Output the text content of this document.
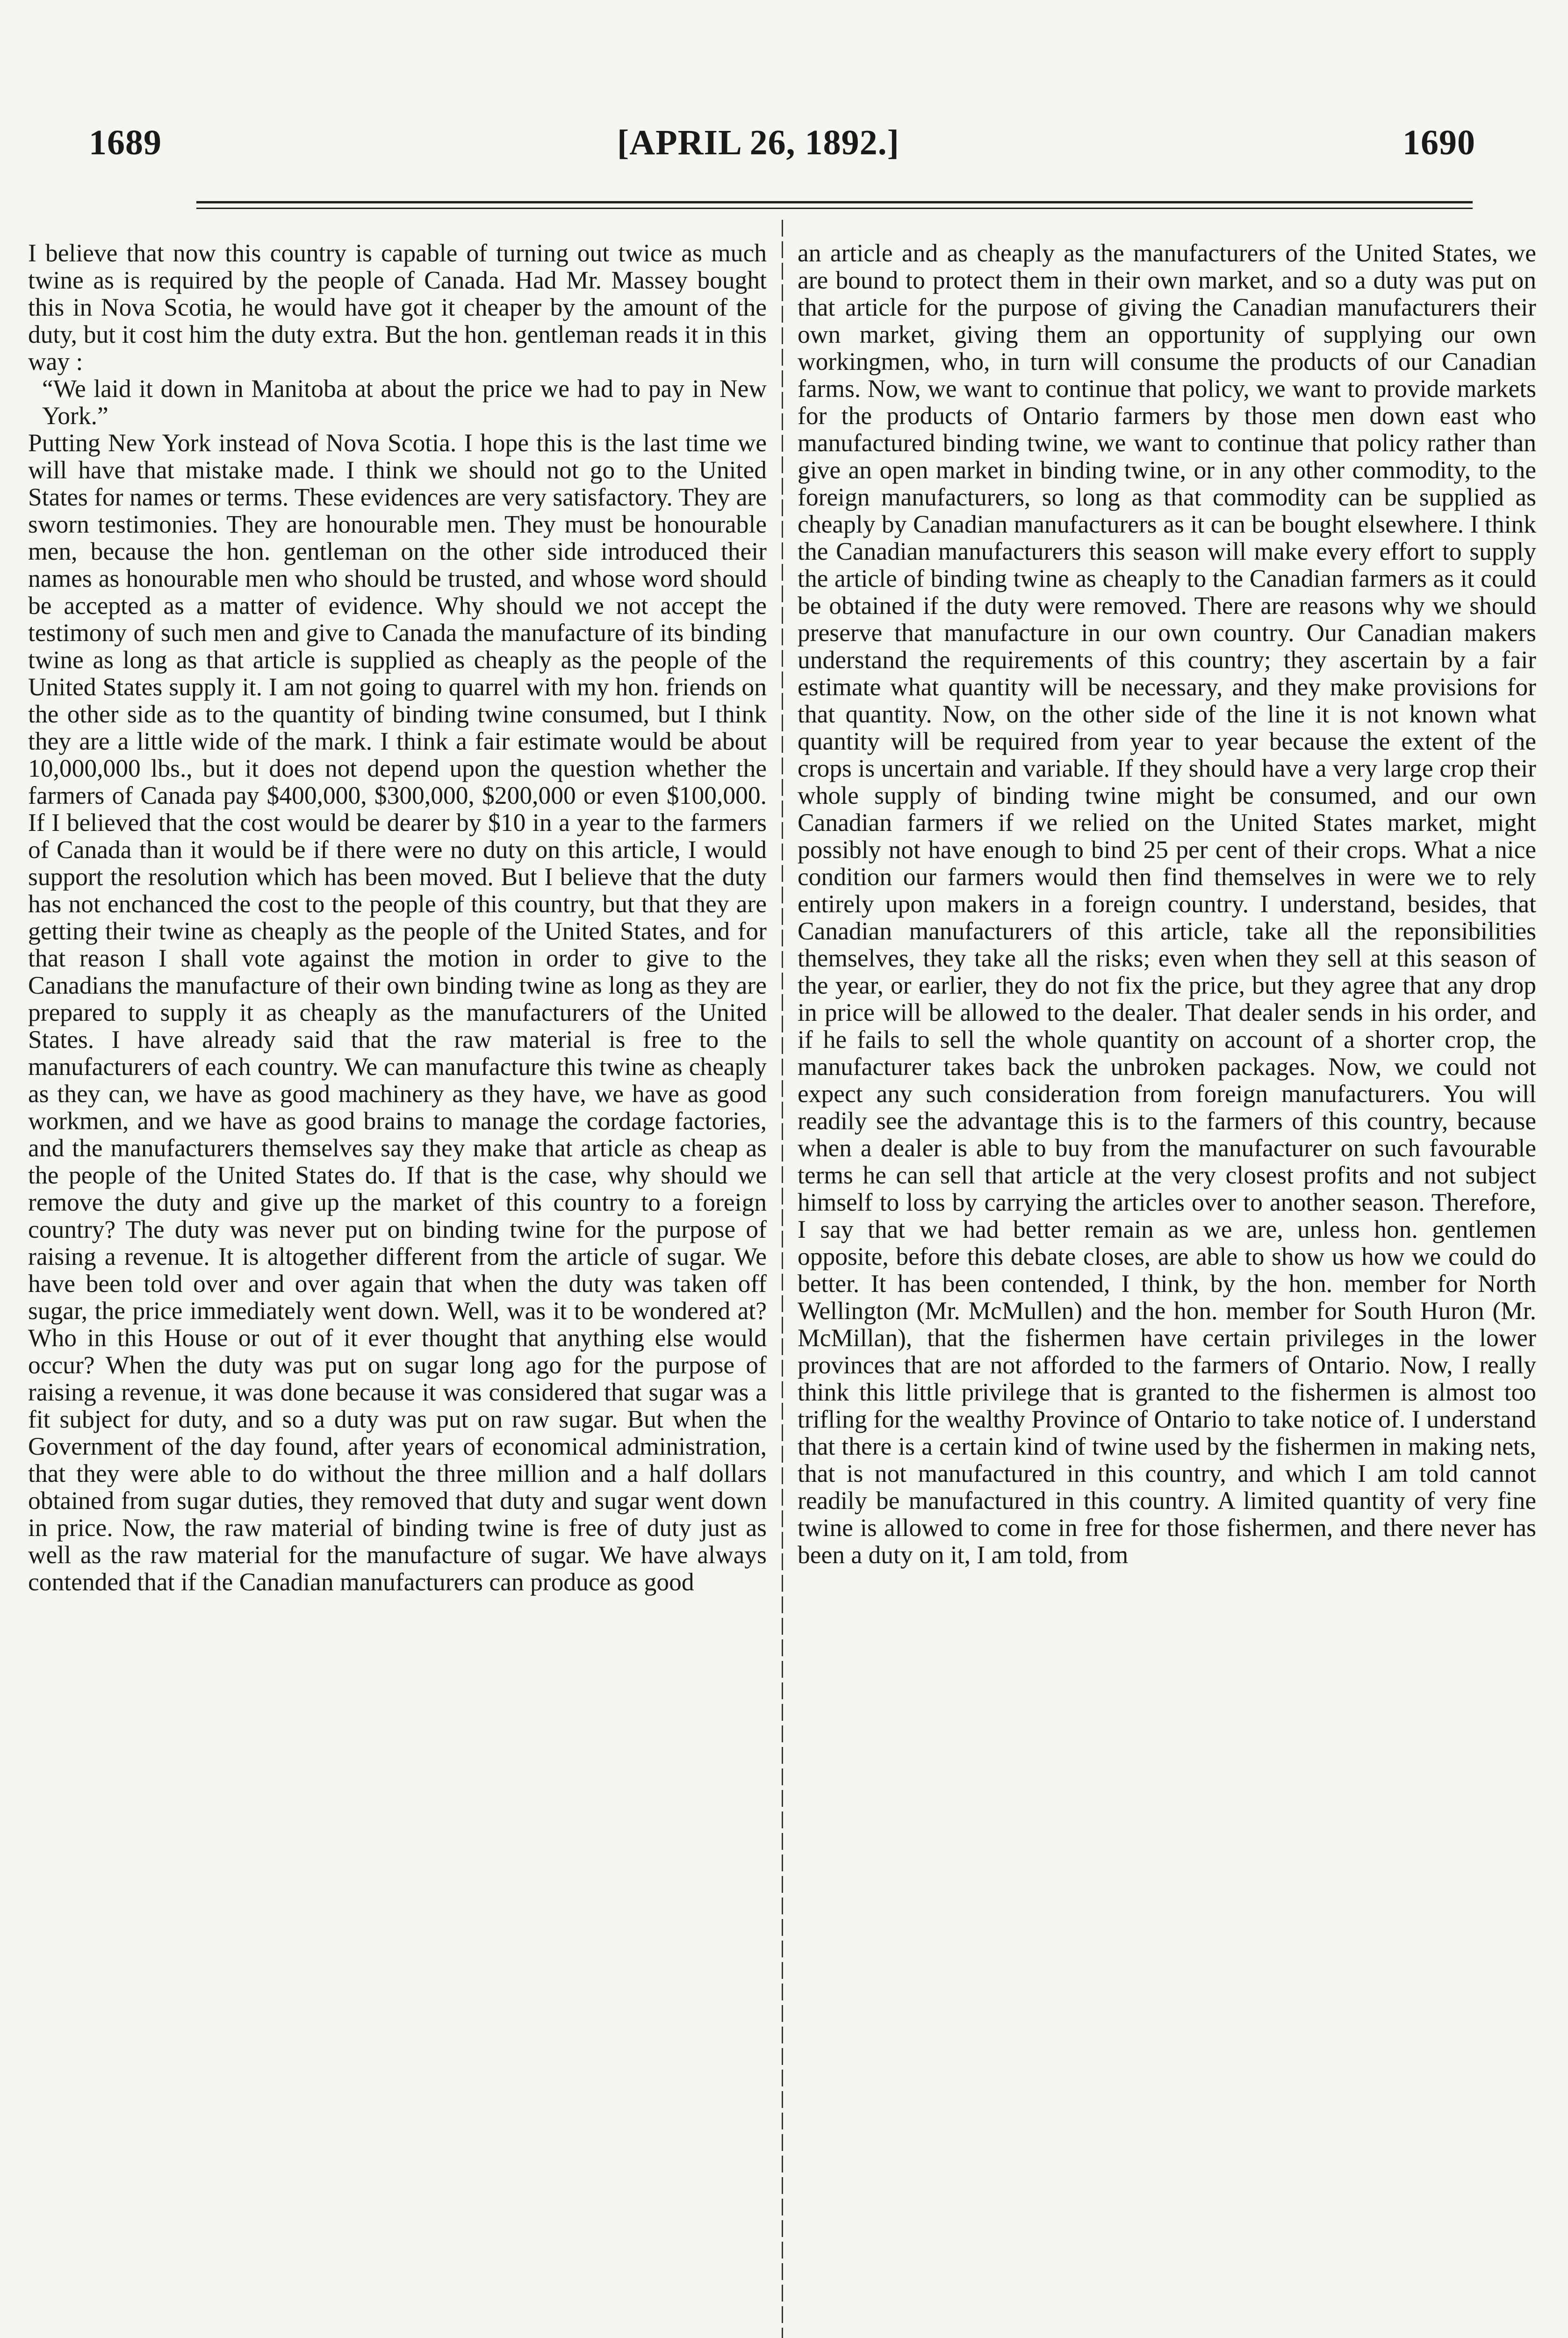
1689	[APRIL 26, 1892.]	1690

I believe that now this country is capable of turning out twice as much twine as is required by the people of Canada. Had Mr. Massey bought this in Nova Scotia, he would have got it cheaper by the amount of the duty, but it cost him the duty extra. But the hon. gentleman reads it in this way :

“We laid it down in Manitoba at about the price we had to pay in New York.”

Putting New York instead of Nova Scotia. I hope this is the last time we will have that mistake made. I think we should not go to the United States for names or terms. These evidences are very satisfactory. They are sworn testimonies. They are honourable men. They must be honourable men, because the hon. gentleman on the other side introduced their names as honourable men who should be trusted, and whose word should be accepted as a matter of evidence. Why should we not accept the testimony of such men and give to Canada the manufacture of its binding twine as long as that article is supplied as cheaply as the people of the United States supply it. I am not going to quarrel with my hon. friends on the other side as to the quantity of binding twine consumed, but I think they are a little wide of the mark. I think a fair estimate would be about 10,000,000 lbs., but it does not depend upon the question whether the farmers of Canada pay $400,000, $300,000, $200,000 or even $100,000. If I believed that the cost would be dearer by $10 in a year to the farmers of Canada than it would be if there were no duty on this article, I would support the resolution which has been moved. But I believe that the duty has not enchanced the cost to the people of this country, but that they are getting their twine as cheaply as the people of the United States, and for that reason I shall vote against the motion in order to give to the Canadians the manufacture of their own binding twine as long as they are prepared to supply it as cheaply as the manufacturers of the United States. I have already said that the raw material is free to the manufacturers of each country. We can manufacture this twine as cheaply as they can, we have as good machinery as they have, we have as good workmen, and we have as good brains to manage the cordage factories, and the manufacturers themselves say they make that article as cheap as the people of the United States do. If that is the case, why should we remove the duty and give up the market of this country to a foreign country? The duty was never put on binding twine for the purpose of raising a revenue. It is altogether different from the article of sugar. We have been told over and over again that when the duty was taken off sugar, the price immediately went down. Well, was it to be wondered at? Who in this House or out of it ever thought that anything else would occur? When the duty was put on sugar long ago for the purpose of raising a revenue, it was done because it was considered that sugar was a fit subject for duty, and so a duty was put on raw sugar. But when the Government of the day found, after years of economical administration, that they were able to do without the three million and a half dollars obtained from sugar duties, they removed that duty and sugar went down in price. Now, the raw material of binding twine is free of duty just as well as the raw material for the manufacture of sugar. We have always contended that if the Canadian manufacturers can produce as good

an article and as cheaply as the manufacturers of the United States, we are bound to protect them in their own market, and so a duty was put on that article for the purpose of giving the Canadian manufacturers their own market, giving them an opportunity of supplying our own workingmen, who, in turn will consume the products of our Canadian farms. Now, we want to continue that policy, we want to provide markets for the products of Ontario farmers by those men down east who manufactured binding twine, we want to continue that policy rather than give an open market in binding twine, or in any other commodity, to the foreign manufacturers, so long as that commodity can be supplied as cheaply by Canadian manufacturers as it can be bought elsewhere. I think the Canadian manufacturers this season will make every effort to supply the article of binding twine as cheaply to the Canadian farmers as it could be obtained if the duty were removed. There are reasons why we should preserve that manufacture in our own country. Our Canadian makers understand the requirements of this country; they ascertain by a fair estimate what quantity will be necessary, and they make provisions for that quantity. Now, on the other side of the line it is not known what quantity will be required from year to year because the extent of the crops is uncertain and variable. If they should have a very large crop their whole supply of binding twine might be consumed, and our own Canadian farmers if we relied on the United States market, might possibly not have enough to bind 25 per cent of their crops. What a nice condition our farmers would then find themselves in were we to rely entirely upon makers in a foreign country. I understand, besides, that Canadian manufacturers of this article, take all the reponsibilities themselves, they take all the risks; even when they sell at this season of the year, or earlier, they do not fix the price, but they agree that any drop in price will be allowed to the dealer. That dealer sends in his order, and if he fails to sell the whole quantity on account of a shorter crop, the manufacturer takes back the unbroken packages. Now, we could not expect any such consideration from foreign manufacturers. You will readily see the advantage this is to the farmers of this country, because when a dealer is able to buy from the manufacturer on such favourable terms he can sell that article at the very closest profits and not subject himself to loss by carrying the articles over to another season. Therefore, I say that we had better remain as we are, unless hon. gentlemen opposite, before this debate closes, are able to show us how we could do better. It has been contended, I think, by the hon. member for North Wellington (Mr. McMullen) and the hon. member for South Huron (Mr. McMillan), that the fishermen have certain privileges in the lower provinces that are not afforded to the farmers of Ontario. Now, I really think this little privilege that is granted to the fishermen is almost too trifling for the wealthy Province of Ontario to take notice of. I understand that there is a certain kind of twine used by the fishermen in making nets, that is not manufactured in this country, and which I am told cannot readily be manufactured in this country. A limited quantity of very fine twine is allowed to come in free for those fishermen, and there never has been a duty on it, I am told, from
